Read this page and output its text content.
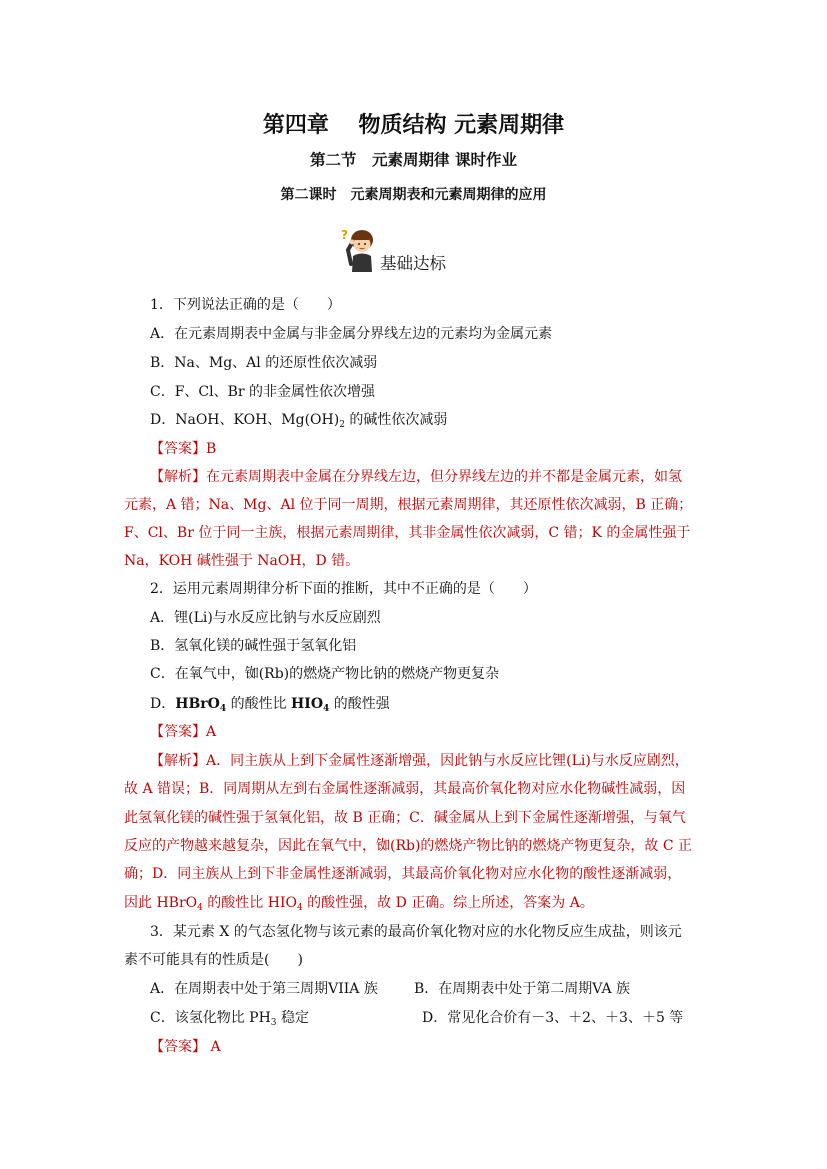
第四章　 物质结构 元素周期律
第二节　元素周期律 课时作业
第二课时　元素周期表和元素周期律的应用
?
基础达标
1．下列说法正确的是（　　）
A．在元素周期表中金属与非金属分界线左边的元素均为金属元素
B．Na、Mg、Al 的还原性依次减弱
C．F、Cl、Br 的非金属性依次增强
D．NaOH、KOH、$Mg(OH)_2$ 的碱性依次减弱
【答案】B
【解析】在元素周期表中金属在分界线左边，但分界线左边的并不都是金属元素，如氢
元素，A 错；Na、Mg、Al 位于同一周期，根据元素周期律，其还原性依次减弱，B 正确；
F、Cl、Br 位于同一主族，根据元素周期律，其非金属性依次减弱，C 错；K 的金属性强于
Na，KOH 碱性强于 NaOH，D 错。
2．运用元素周期律分析下面的推断，其中不正确的是（　　）
A．锂(Li)与水反应比钠与水反应剧烈
B．氢氧化镁的碱性强于氢氧化铝
C．在氧气中，铷(Rb)的燃烧产物比钠的燃烧产物更复杂
D．HBrO$_4$ 的酸性比 $HIO_4$ 的酸性强
【答案】A
【解析】A．同主族从上到下金属性逐渐增强，因此钠与水反应比锂(Li)与水反应剧烈，
故 A 错误；B．同周期从左到右金属性逐渐减弱，其最高价氧化物对应水化物碱性减弱，因
此氢氧化镁的碱性强于氢氧化铝，故 B 正确；C．碱金属从上到下金属性逐渐增强，与氧气
反应的产物越来越复杂，因此在氧气中，铷(Rb)的燃烧产物比钠的燃烧产物更复杂，故 C 正
确；D．同主族从上到下非金属性逐渐减弱，其最高价氧化物对应水化物的酸性逐渐减弱，
因此 HBrO$_4$ 的酸性比 $HIO_4$ 的酸性强，故 D 正确。综上所述，答案为 A。
3．某元素 X 的气态氢化物与该元素的最高价氧化物对应的水化物反应生成盐，则该元
素不可能具有的性质是(　　)
A．在周期表中处于第三周期VIIA 族	B．在周期表中处于第二周期VA 族
C．该氢化物比 $PH_3$ 稳定	D．常见化合价有－3、＋2、＋3、＋5 等
【答案】 A
